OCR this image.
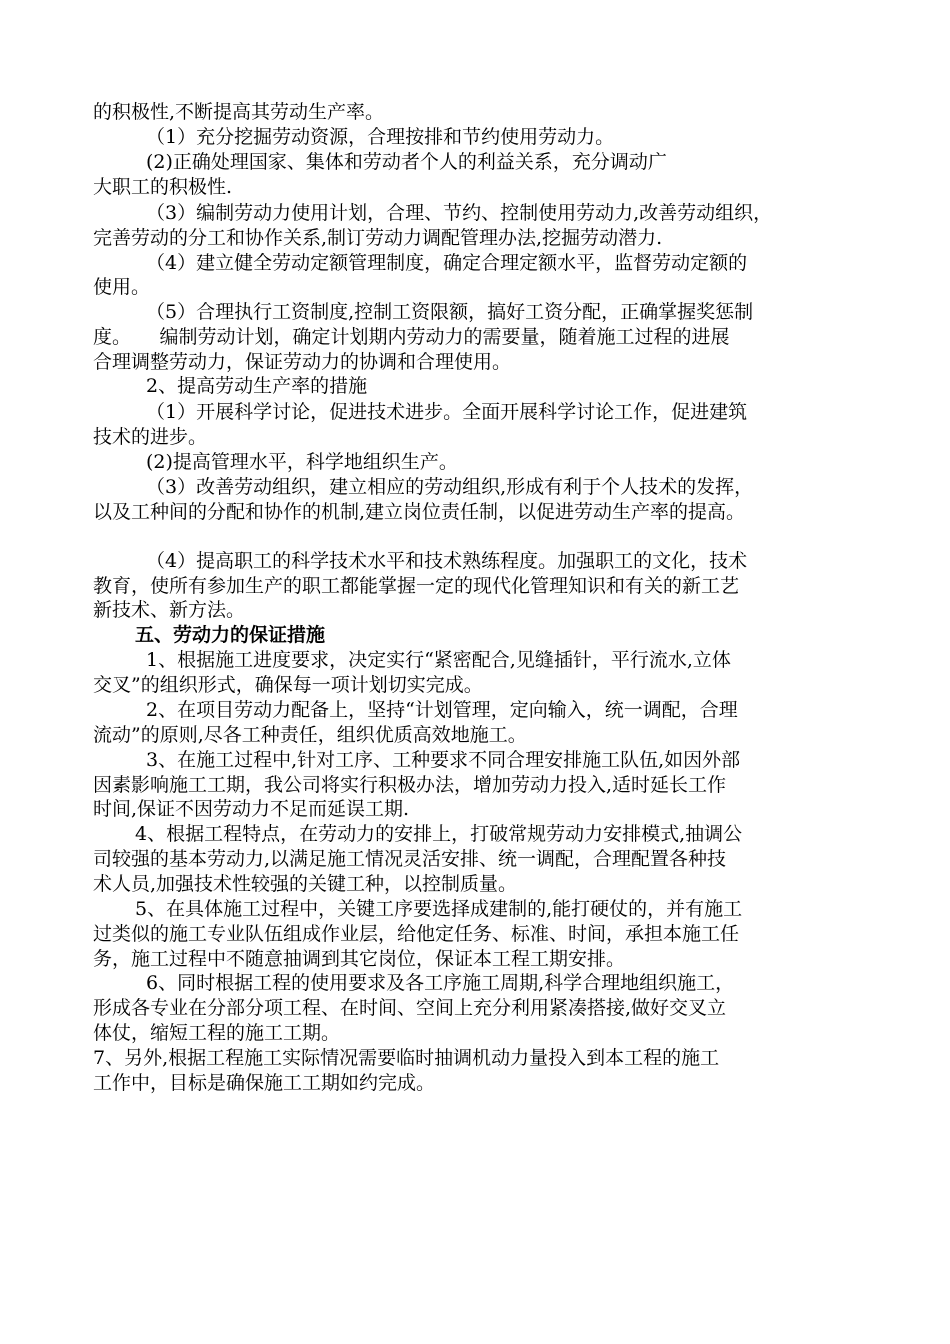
的积极性,不断提高其劳动生产率。
（1）充分挖掘劳动资源，合理按排和节约使用劳动力。
(2)正确处理国家、集体和劳动者个人的利益关系，充分调动广
大职工的积极性.
（3）编制劳动力使用计划，合理、节约、控制使用劳动力,改善劳动组织，
完善劳动的分工和协作关系,制订劳动力调配管理办法,挖掘劳动潜力.
（4）建立健全劳动定额管理制度，确定合理定额水平，监督劳动定额的
使用。
（5）合理执行工资制度,控制工资限额，搞好工资分配，正确掌握奖惩制
度。　　编制劳动计划，确定计划期内劳动力的需要量，随着施工过程的进展
合理调整劳动力，保证劳动力的协调和合理使用。
2、提高劳动生产率的措施
（1）开展科学讨论，促进技术进步。全面开展科学讨论工作，促进建筑
技术的进步。
(2)提高管理水平，科学地组织生产。
（3）改善劳动组织，建立相应的劳动组织,形成有利于个人技术的发挥，
以及工种间的分配和协作的机制,建立岗位责任制，以促进劳动生产率的提高。
（4）提高职工的科学技术水平和技术熟练程度。加强职工的文化，技术
教育，使所有参加生产的职工都能掌握一定的现代化管理知识和有关的新工艺
新技术、新方法。
五、劳动力的保证措施
1、根据施工进度要求，决定实行“紧密配合,见缝插针，平行流水,立体
交叉”的组织形式，确保每一项计划切实完成。
2、在项目劳动力配备上，坚持“计划管理，定向输入，统一调配，合理
流动”的原则,尽各工种责任，组织优质高效地施工。
3、在施工过程中,针对工序、工种要求不同合理安排施工队伍,如因外部
因素影响施工工期，我公司将实行积极办法，增加劳动力投入,适时延长工作
时间,保证不因劳动力不足而延误工期.
4、根据工程特点，在劳动力的安排上，打破常规劳动力安排模式,抽调公
司较强的基本劳动力,以满足施工情况灵活安排、统一调配，合理配置各种技
术人员,加强技术性较强的关键工种，以控制质量。
5、在具体施工过程中，关键工序要选择成建制的,能打硬仗的，并有施工
过类似的施工专业队伍组成作业层，给他定任务、标准、时间，承担本施工任
务，施工过程中不随意抽调到其它岗位，保证本工程工期安排。
6、同时根据工程的使用要求及各工序施工周期,科学合理地组织施工，
形成各专业在分部分项工程、在时间、空间上充分利用紧凑搭接,做好交叉立
体仗，缩短工程的施工工期。
7、另外,根据工程施工实际情况需要临时抽调机动力量投入到本工程的施工
工作中，目标是确保施工工期如约完成。
